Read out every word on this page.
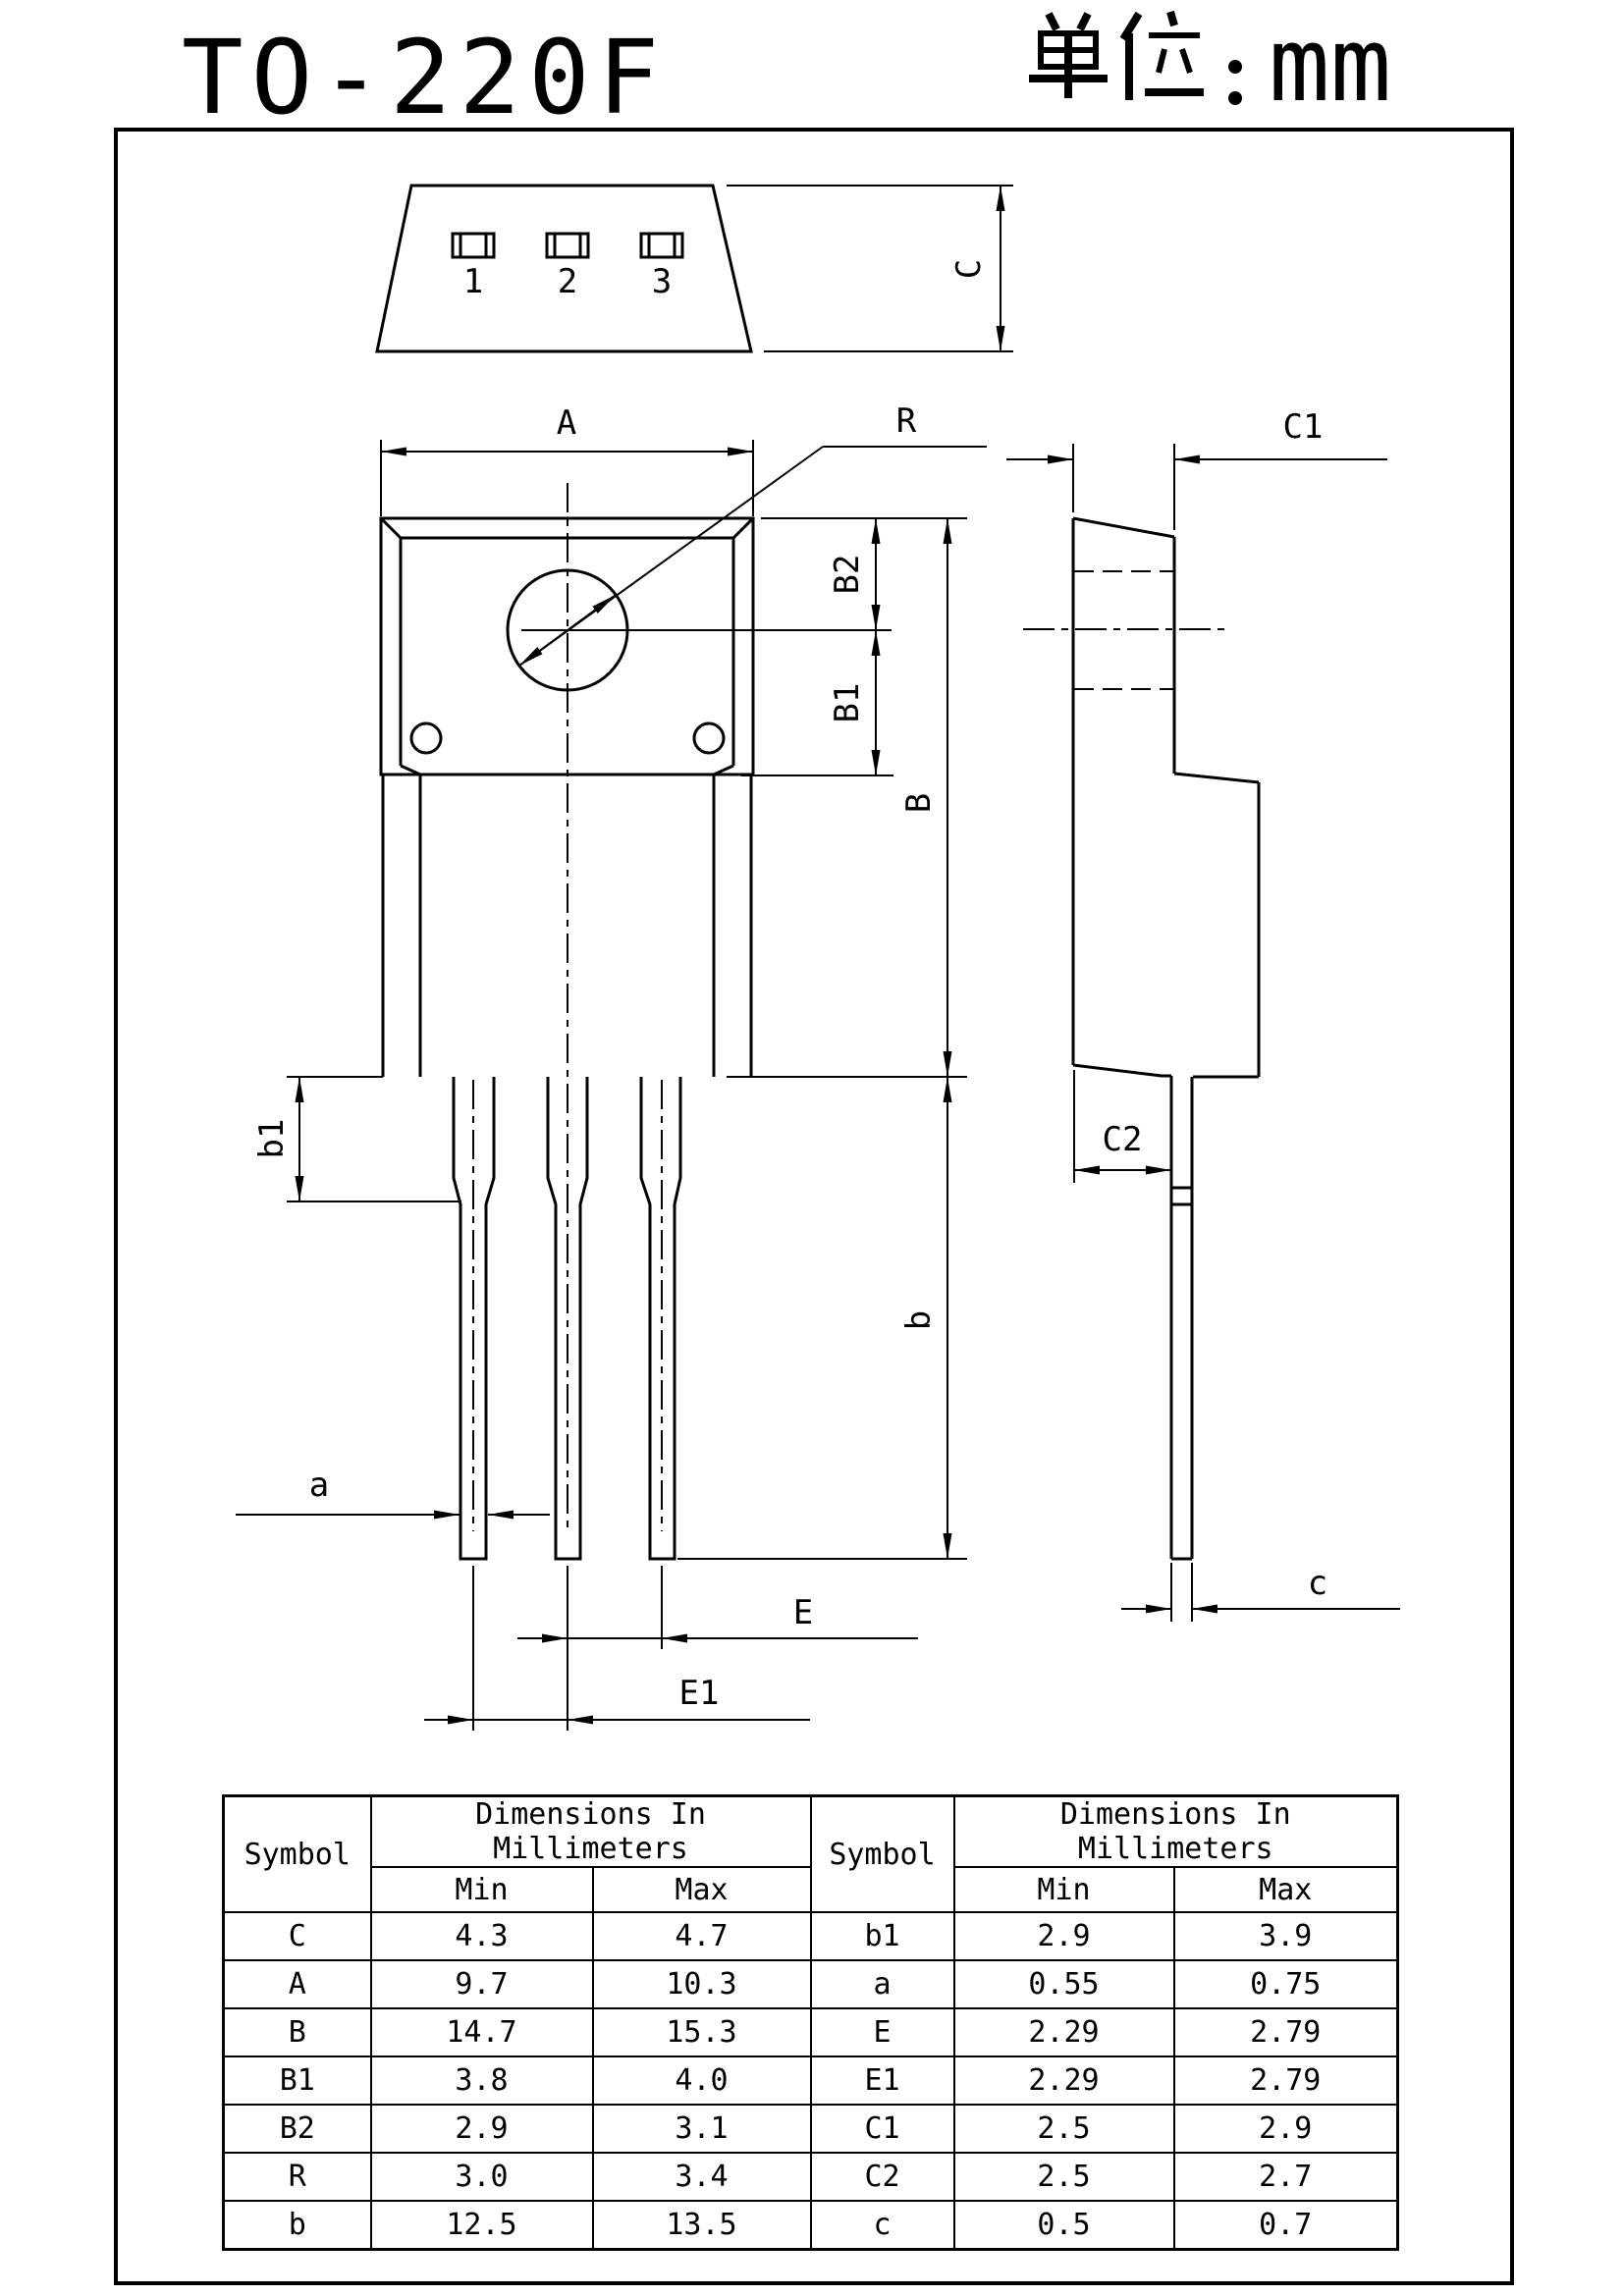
TO-220F	mm
1 2 3	C
A	R
B2
B1
B
b1
b
a
E
E1
C1
C2
c
Symbol	Dimensions In Millimeters		Symbol	Dimensions In Millimeters	
	Min	Max		Min	Max
C	4.3	4.7	b1	2.9	3.9
A	9.7	10.3	a	0.55	0.75
B	14.7	15.3	E	2.29	2.79
B1	3.8	4.0	E1	2.29	2.79
B2	2.9	3.1	C1	2.5	2.9
R	3.0	3.4	C2	2.5	2.7
b	12.5	13.5	c	0.5	0.7
